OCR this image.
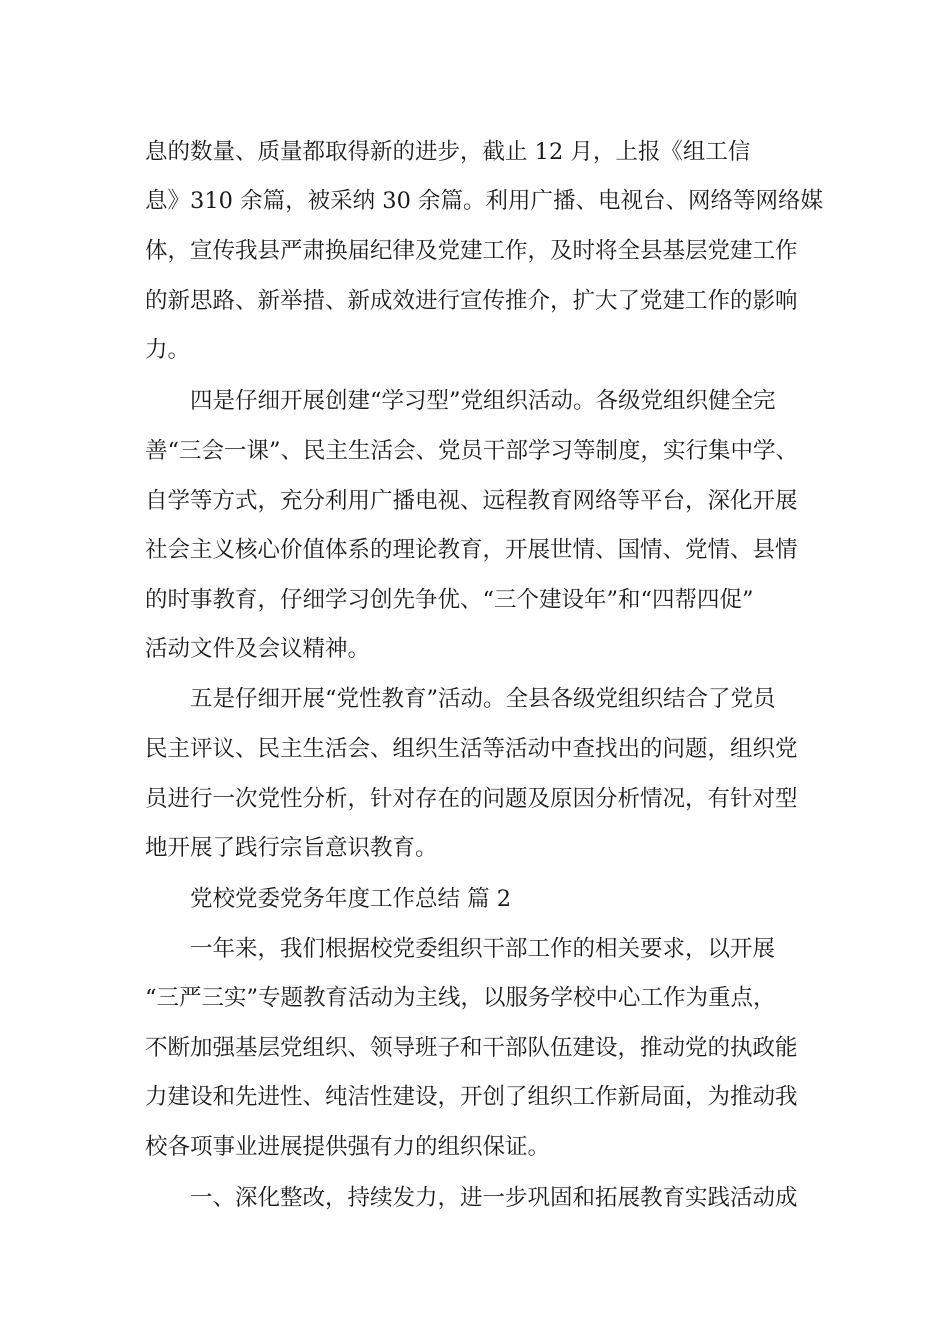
息的数量、质量都取得新的进步，截止 12 月，上报《组工信
息》310 余篇，被采纳 30 余篇。利用广播、电视台、网络等网络媒
体，宣传我县严肃换届纪律及党建工作，及时将全县基层党建工作
的新思路、新举措、新成效进行宣传推介，扩大了党建工作的影响
力。
　　四是仔细开展创建“学习型”党组织活动。各级党组织健全完
善“三会一课”、民主生活会、党员干部学习等制度，实行集中学、
自学等方式，充分利用广播电视、远程教育网络等平台，深化开展
社会主义核心价值体系的理论教育，开展世情、国情、党情、县情
的时事教育，仔细学习创先争优、“三个建设年”和“四帮四促”
活动文件及会议精神。
　　五是仔细开展“党性教育”活动。全县各级党组织结合了党员
民主评议、民主生活会、组织生活等活动中查找出的问题，组织党
员进行一次党性分析，针对存在的问题及原因分析情况，有针对型
地开展了践行宗旨意识教育。
　　党校党委党务年度工作总结 篇 2
　　一年来，我们根据校党委组织干部工作的相关要求，以开展
“三严三实”专题教育活动为主线，以服务学校中心工作为重点，
不断加强基层党组织、领导班子和干部队伍建设，推动党的执政能
力建设和先进性、纯洁性建设，开创了组织工作新局面，为推动我
校各项事业进展提供强有力的组织保证。
　　一、深化整改，持续发力，进一步巩固和拓展教育实践活动成
